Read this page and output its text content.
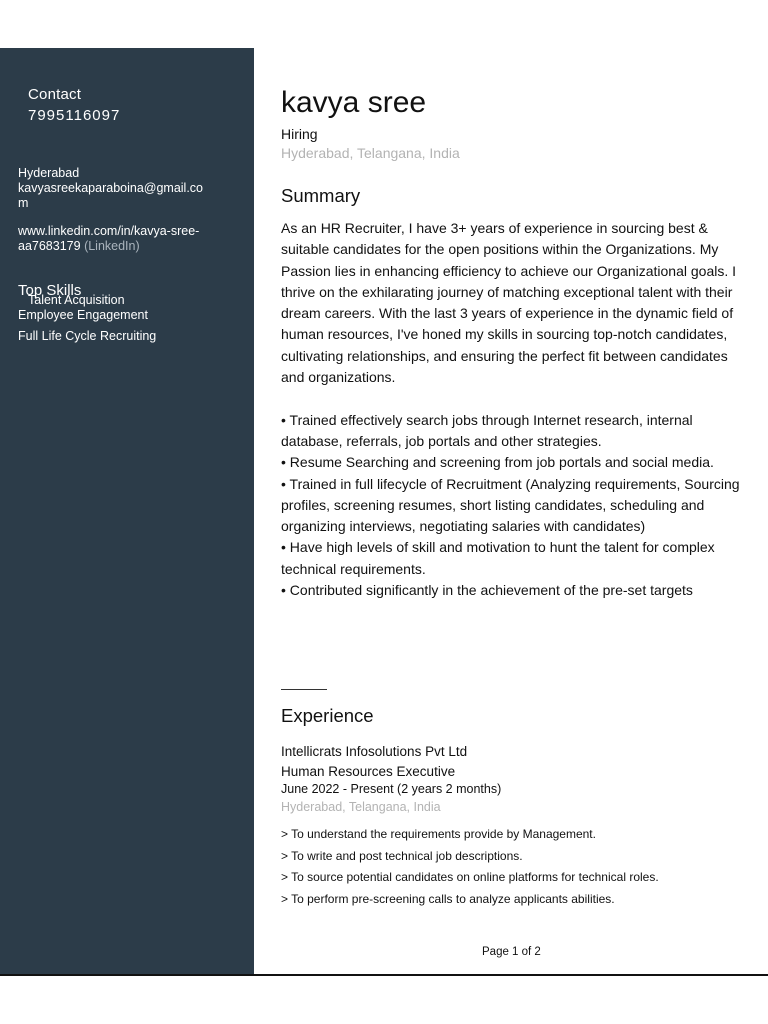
Contact
7995116097
Hyderabad
kavyasreekaparaboina@gmail.com
www.linkedin.com/in/kavya-sree-aa7683179 (LinkedIn)
Top Skills
Talent Acquisition
Employee Engagement
Full Life Cycle Recruiting
kavya sree
Hiring
Hyderabad, Telangana, India
Summary

As an HR Recruiter, I have 3+ years of experience in sourcing best & suitable candidates for the open positions within the Organizations. My Passion lies in enhancing efficiency to achieve our Organizational goals. I thrive on the exhilarating journey of matching exceptional talent with their dream careers. With the last 3 years of experience in the dynamic field of human resources, I've honed my skills in sourcing top-notch candidates, cultivating relationships, and ensuring the perfect fit between candidates and organizations.

• Trained effectively search jobs through Internet research, internal database, referrals, job portals and other strategies.

• Resume Searching and screening from job portals and social media.

• Trained in full lifecycle of Recruitment (Analyzing requirements, Sourcing profiles, screening resumes, short listing candidates, scheduling and organizing interviews, negotiating salaries with candidates)

• Have high levels of skill and motivation to hunt the talent for complex technical requirements.

• Contributed significantly in the achievement of the pre-set targets

Experience
Intellicrats Infosolutions Pvt Ltd
Human Resources Executive
June 2022 - Present (2 years 2 months)
Hyderabad, Telangana, India
> To understand the requirements provide by Management.
> To write and post technical job descriptions.
> To source potential candidates on online platforms for technical roles.
> To perform pre-screening calls to analyze applicants abilities.
Page 1 of 2
